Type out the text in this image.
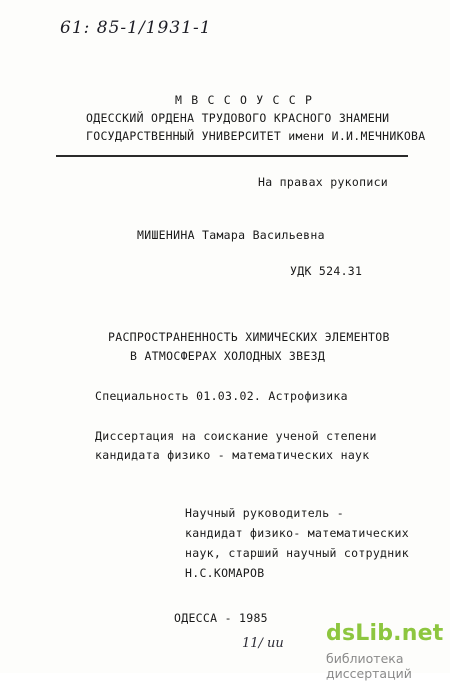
61: 85-1/1931-1
М В С С О У С С Р
ОДЕССКИЙ ОРДЕНА ТРУДОВОГО КРАСНОГО ЗНАМЕНИ
ГОСУДАРСТВЕННЫЙ УНИВЕРСИТЕТ имени И.И.МЕЧНИКОВА
На правах рукописи
МИШЕНИНА Тамара Васильевна
УДК 524.31
РАСПРОСТРАНЕННОСТЬ ХИМИЧЕСКИХ ЭЛЕМЕНТОВ
В АТМОСФЕРАХ ХОЛОДНЫХ ЗВЕЗД
Специальность 01.03.02. Астрофизика
Диссертация на соискание ученой степени
кандидата физико - математических наук
Научный руководитель -
кандидат физико- математических
наук, старший научный сотрудник
Н.С.КОМАРОВ
ОДЕССА - 1985
11/ ии dsLib.net
библиотека диссертаций
